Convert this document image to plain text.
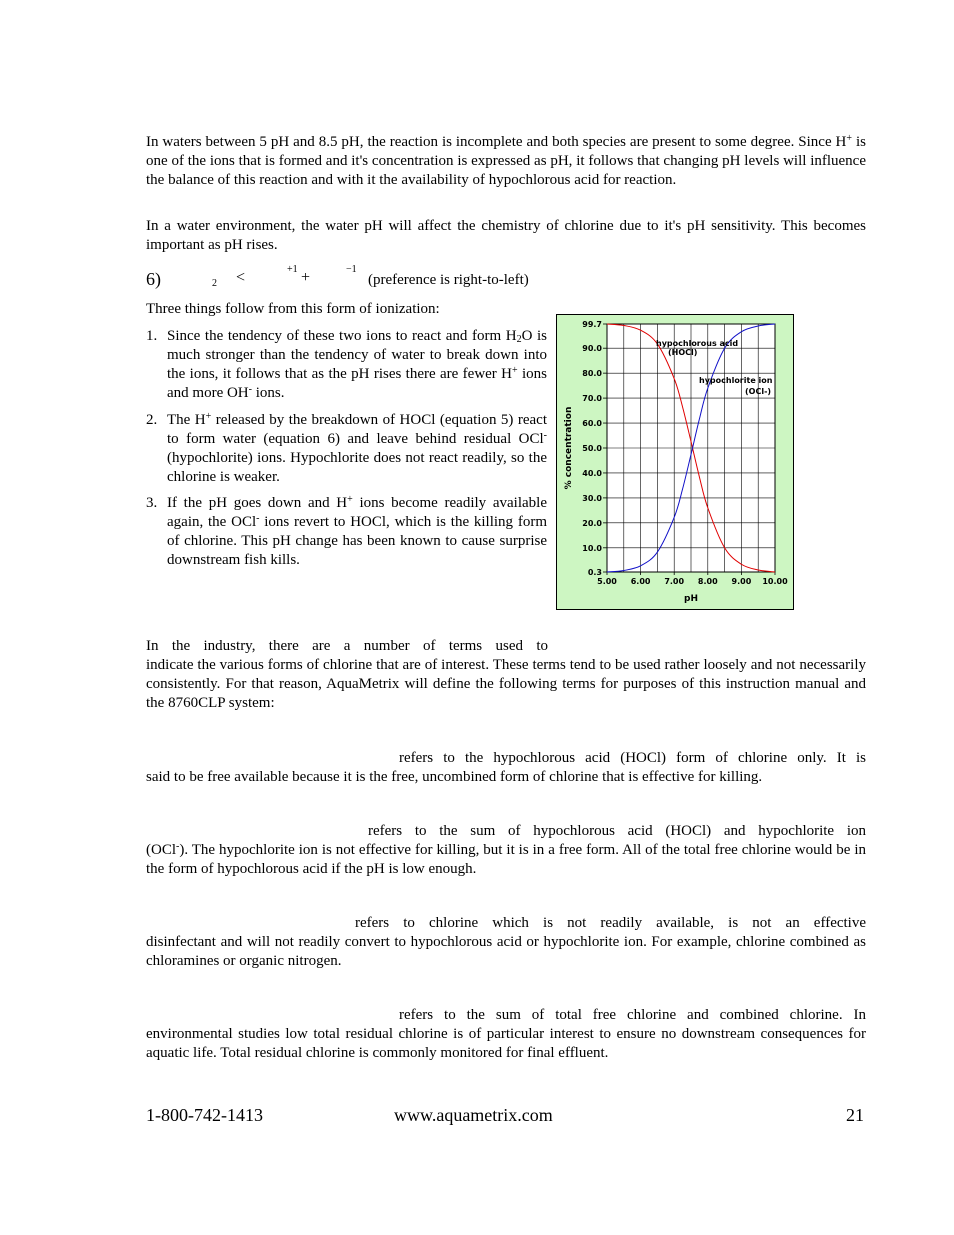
In waters between 5 pH and 8.5 pH, the reaction is incomplete and both species are present to some degree. Since H+ is one of the ions that is formed and it's concentration is expressed as pH, it follows that changing pH levels will influence the balance of this reaction and with it the availability of hypochlorous acid for reaction.

In a water environment, the water pH will affect the chemistry of chlorine due to it's pH sensitivity. This becomes important as pH rises.

6)	2 <	+1 +	−1
(preference is right-to-left)
Three things follow from this form of ionization:
1. Since the tendency of these two ions to react and form $H_2O$ is much stronger than the tendency of water to break down into the ions, it follows that as the pH rises there are fewer H+ ions and more OH- ions.
2. The H+ released by the breakdown of HOCl (equation 5) react to form water (equation 6) and leave behind residual OCl- (hypochlorite) ions. Hypochlorite does not react readily, so the chlorine is weaker.
3. If the pH goes down and H+ ions become readily available again, the OCl- ions revert to HOCl, which is the killing form of chlorine. This pH change has been known to cause surprise downstream fish kills.
0.3
10.0
20.0
30.0
40.0
50.0
60.0
70.0
80.0
90.0
99.7
5.00 6.00 7.00 8.00 9.00 10.00
pH
% concentration
hypochlorous acid
(HOCl)
hypochlorite ion
(OCl-)
In the industry, there are a number of terms used to

indicate the various forms of chlorine that are of interest. These terms tend to be used rather loosely and not necessarily consistently. For that reason, AquaMetrix will define the following terms for purposes of this instruction manual and the 8760CLP system:

refers to the hypochlorous acid (HOCl) form of chlorine only. It is

said to be free available because it is the free, uncombined form of chlorine that is effective for killing.

refers to the sum of hypochlorous acid (HOCl) and hypochlorite ion

(OCl-). The hypochlorite ion is not effective for killing, but it is in a free form. All of the total free chlorine would be in the form of hypochlorous acid if the pH is low enough.

refers to chlorine which is not readily available, is not an effective

disinfectant and will not readily convert to hypochlorous acid or hypochlorite ion. For example, chlorine combined as chloramines or organic nitrogen.

refers to the sum of total free chlorine and combined chlorine. In

environmental studies low total residual chlorine is of particular interest to ensure no downstream consequences for aquatic life. Total residual chlorine is commonly monitored for final effluent.

1-800-742-1413	www.aquametrix.com	21
